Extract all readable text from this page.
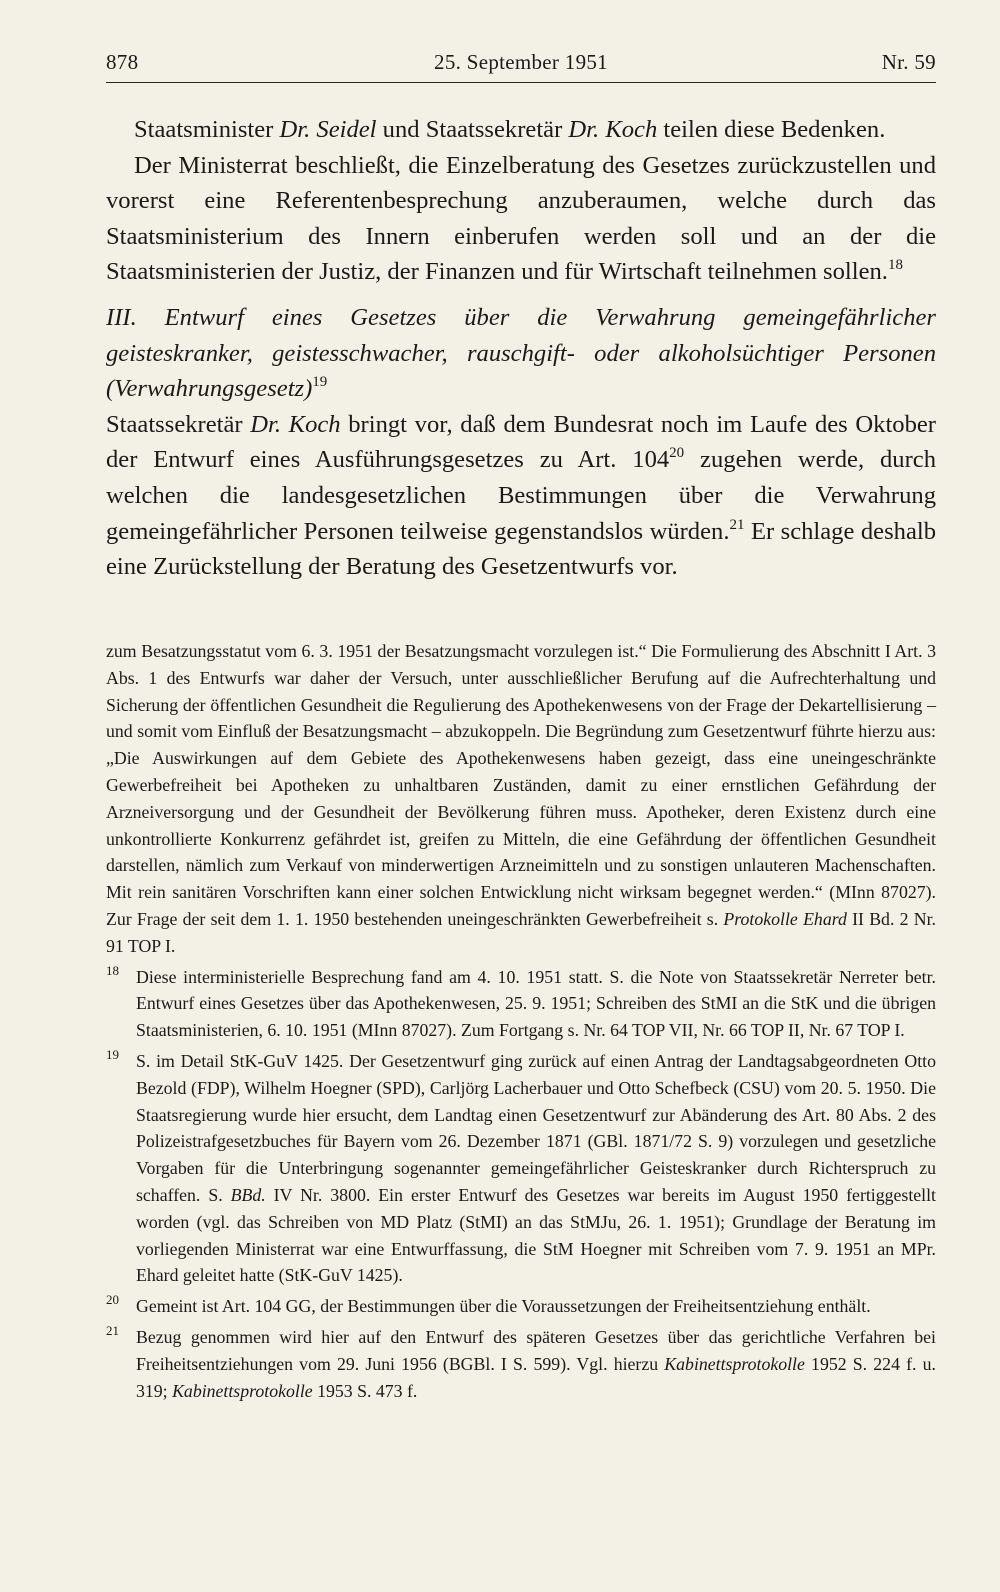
878	25. September 1951	Nr. 59

Staatsminister Dr. Seidel und Staatssekretär Dr. Koch teilen diese Bedenken.

Der Ministerrat beschließt, die Einzelberatung des Gesetzes zurückzustellen und vorerst eine Referentenbesprechung anzuberaumen, welche durch das Staatsministerium des Innern einberufen werden soll und an der die Staatsministerien der Justiz, der Finanzen und für Wirtschaft teilnehmen sollen.$^{18}$

III. Entwurf eines Gesetzes über die Verwahrung gemeingefährlicher geisteskranker, geistesschwacher, rauschgift- oder alkoholsüchtiger Personen (Verwahrungsgesetz)$^{19}$

Staatssekretär Dr. Koch bringt vor, daß dem Bundesrat noch im Laufe des Oktober der Entwurf eines Ausführungsgesetzes zu Art. $104^{20}$ zugehen werde, durch welchen die landesgesetzlichen Bestimmungen über die Verwahrung gemeingefährlicher Personen teilweise gegenstandslos würden.$^{21}$ Er schlage deshalb eine Zurückstellung der Beratung des Gesetzentwurfs vor.

zum Besatzungsstatut vom 6. 3. 1951 der Besatzungsmacht vorzulegen ist.“ Die Formulierung des Abschnitt I Art. 3 Abs. 1 des Entwurfs war daher der Versuch, unter ausschließlicher Berufung auf die Aufrechterhaltung und Sicherung der öffentlichen Gesundheit die Regulierung des Apothekenwesens von der Frage der Dekartellisierung – und somit vom Einfluß der Besatzungsmacht – abzukoppeln. Die Begründung zum Gesetzentwurf führte hierzu aus: „Die Auswirkungen auf dem Gebiete des Apothekenwesens haben gezeigt, dass eine uneingeschränkte Gewerbefreiheit bei Apotheken zu unhaltbaren Zuständen, damit zu einer ernstlichen Gefährdung der Arzneiversorgung und der Gesundheit der Bevölkerung führen muss. Apotheker, deren Existenz durch eine unkontrollierte Konkurrenz gefährdet ist, greifen zu Mitteln, die eine Gefährdung der öffentlichen Gesundheit darstellen, nämlich zum Verkauf von minderwertigen Arzneimitteln und zu sonstigen unlauteren Machenschaften. Mit rein sanitären Vorschriften kann einer solchen Entwicklung nicht wirksam begegnet werden.“ (MInn 87027). Zur Frage der seit dem 1. 1. 1950 bestehenden uneingeschränkten Gewerbefreiheit s. Protokolle Ehard II Bd. 2 Nr. 91 TOP I.

18 Diese interministerielle Besprechung fand am 4. 10. 1951 statt. S. die Note von Staatssekretär Nerreter betr. Entwurf eines Gesetzes über das Apothekenwesen, 25. 9. 1951; Schreiben des StMI an die StK und die übrigen Staatsministerien, 6. 10. 1951 (MInn 87027). Zum Fortgang s. Nr. 64 TOP VII, Nr. 66 TOP II, Nr. 67 TOP I.

19 S. im Detail StK-GuV 1425. Der Gesetzentwurf ging zurück auf einen Antrag der Landtagsabgeordneten Otto Bezold (FDP), Wilhelm Hoegner (SPD), Carljörg Lacherbauer und Otto Schefbeck (CSU) vom 20. 5. 1950. Die Staatsregierung wurde hier ersucht, dem Landtag einen Gesetzentwurf zur Abänderung des Art. 80 Abs. 2 des Polizeistrafgesetzbuches für Bayern vom 26. Dezember 1871 (GBl. 1871/72 S. 9) vorzulegen und gesetzliche Vorgaben für die Unterbringung sogenannter gemeingefährlicher Geisteskranker durch Richterspruch zu schaffen. S. BBd. IV Nr. 3800. Ein erster Entwurf des Gesetzes war bereits im August 1950 fertiggestellt worden (vgl. das Schreiben von MD Platz (StMI) an das StMJu, 26. 1. 1951); Grundlage der Beratung im vorliegenden Ministerrat war eine Entwurffassung, die StM Hoegner mit Schreiben vom 7. 9. 1951 an MPr. Ehard geleitet hatte (StK-GuV 1425).

20 Gemeint ist Art. 104 GG, der Bestimmungen über die Voraussetzungen der Freiheitsentziehung enthält.

21 Bezug genommen wird hier auf den Entwurf des späteren Gesetzes über das gerichtliche Verfahren bei Freiheitsentziehungen vom 29. Juni 1956 (BGBl. I S. 599). Vgl. hierzu Kabinettsprotokolle 1952 S. 224 f. u. 319; Kabinettsprotokolle 1953 S. 473 f.
